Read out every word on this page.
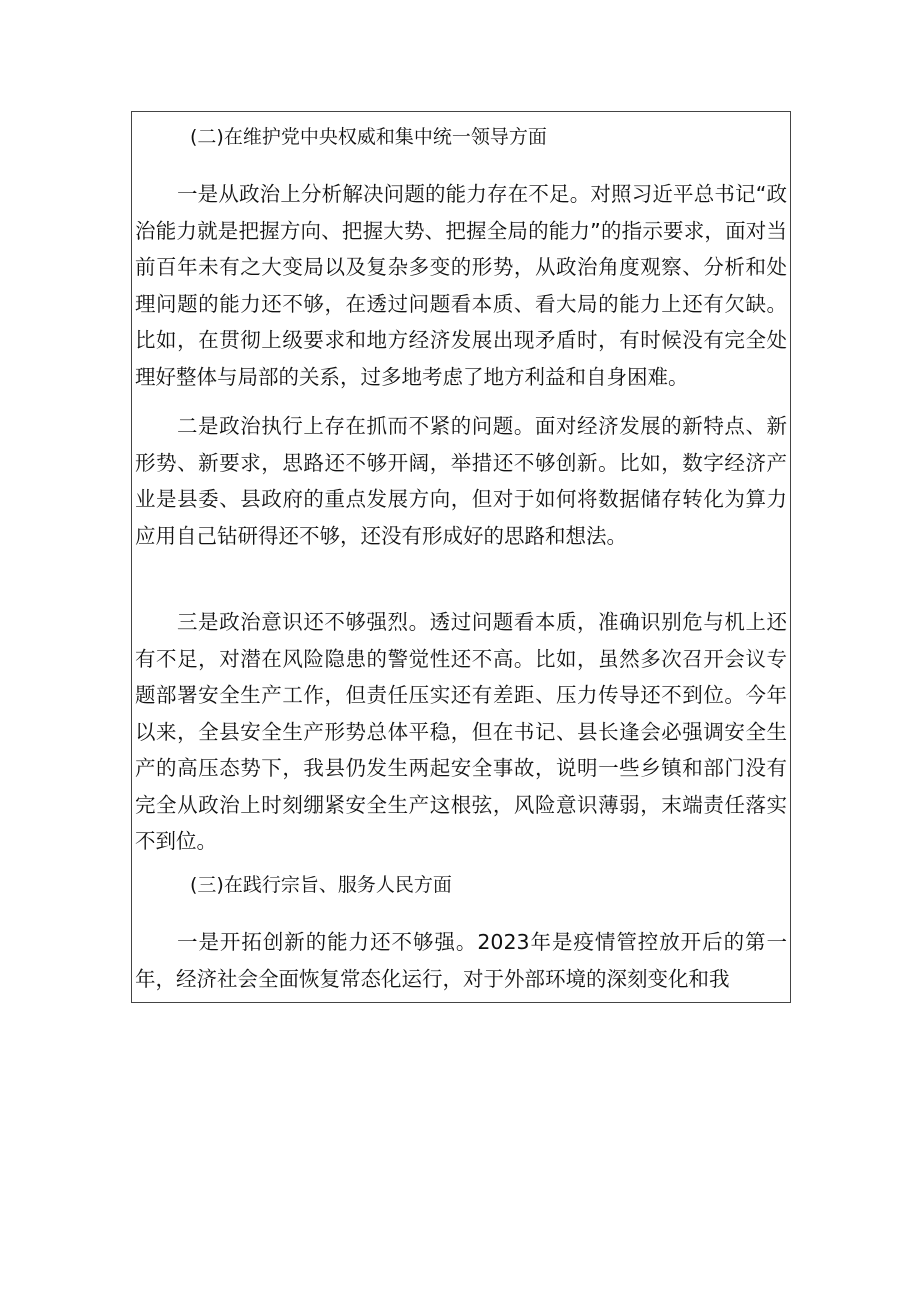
(二)在维护党中央权威和集中统一领导方面

一是从政治上分析解决问题的能力存在不足。对照习近平总书记“政治能力就是把握方向、把握大势、把握全局的能力”的指示要求，面对当前百年未有之大变局以及复杂多变的形势，从政治角度观察、分析和处理问题的能力还不够，在透过问题看本质、看大局的能力上还有欠缺。比如，在贯彻上级要求和地方经济发展出现矛盾时，有时候没有完全处理好整体与局部的关系，过多地考虑了地方利益和自身困难。

二是政治执行上存在抓而不紧的问题。面对经济发展的新特点、新形势、新要求，思路还不够开阔，举措还不够创新。比如，数字经济产业是县委、县政府的重点发展方向，但对于如何将数据储存转化为算力应用自己钻研得还不够，还没有形成好的思路和想法。

三是政治意识还不够强烈。透过问题看本质，准确识别危与机上还有不足，对潜在风险隐患的警觉性还不高。比如，虽然多次召开会议专题部署安全生产工作，但责任压实还有差距、压力传导还不到位。今年以来，全县安全生产形势总体平稳，但在书记、县长逢会必强调安全生产的高压态势下，我县仍发生两起安全事故，说明一些乡镇和部门没有完全从政治上时刻绷紧安全生产这根弦，风险意识薄弱，末端责任落实不到位。

(三)在践行宗旨、服务人民方面

一是开拓创新的能力还不够强。2023年是疫情管控放开后的第一年，经济社会全面恢复常态化运行，对于外部环境的深刻变化和我
